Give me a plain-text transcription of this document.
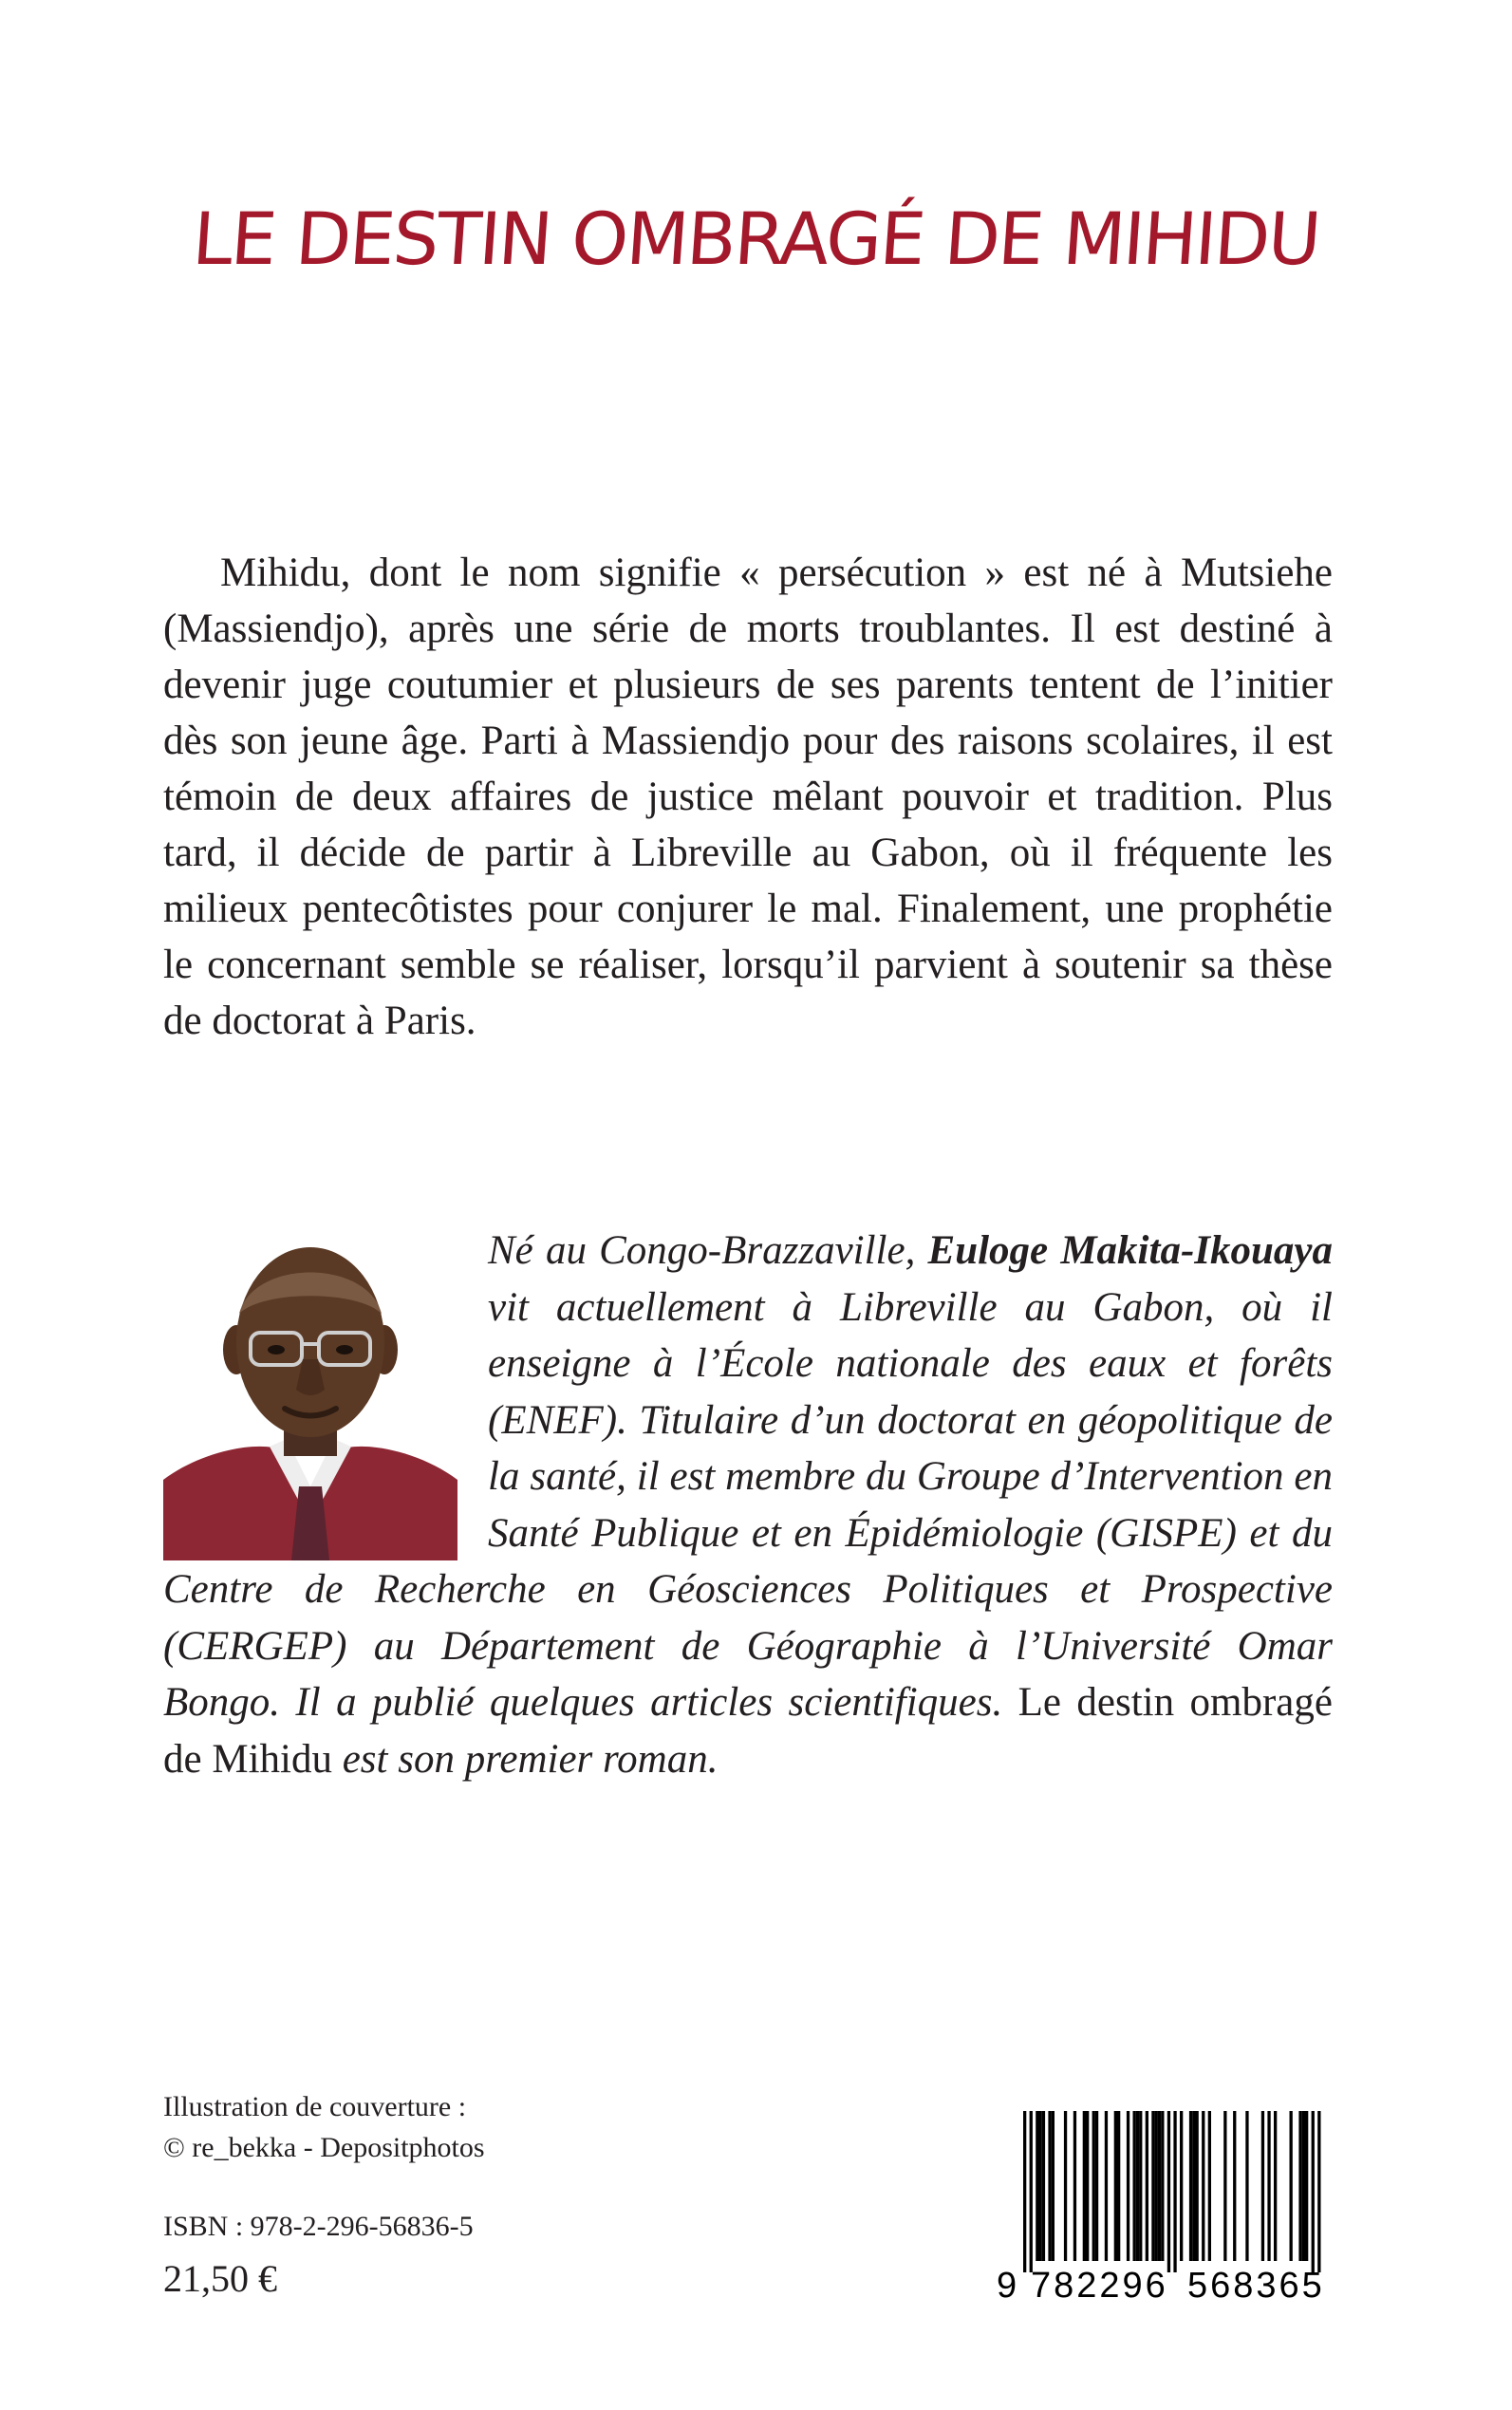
LE DESTIN OMBRAGÉ DE MIHIDU

Mihidu, dont le nom signifie « persécution » est né à Mutsiehe (Massiendjo), après une série de morts troublantes. Il est destiné à devenir juge coutumier et plusieurs de ses parents tentent de l’initier dès son jeune âge. Parti à Massiendjo pour des raisons scolaires, il est témoin de deux affaires de justice mêlant pouvoir et tradition. Plus tard, il décide de partir à Libreville au Gabon, où il fréquente les milieux pentecôtistes pour conjurer le mal. Finalement, une prophétie le concernant semble se réaliser, lorsqu’il parvient à soutenir sa thèse de doctorat à Paris.

Né au Congo-Brazzaville, Euloge Makita-Ikouaya vit actuellement à Libreville au Gabon, où il enseigne à l’École nationale des eaux et forêts (ENEF). Titulaire d’un doctorat en géopolitique de la santé, il est membre du Groupe d’Intervention en Santé Publique et en Épidémiologie (GISPE) et du Centre de Recherche en Géosciences Politiques et Prospective (CERGEP) au Département de Géographie à l’Université Omar Bongo. Il a publié quelques articles scientifiques. Le destin ombragé de Mihidu est son premier roman.
Illustration de couverture :
© re_bekka - Depositphotos
ISBN : 978-2-296-56836-5
21,50 €	9 782296 568365
